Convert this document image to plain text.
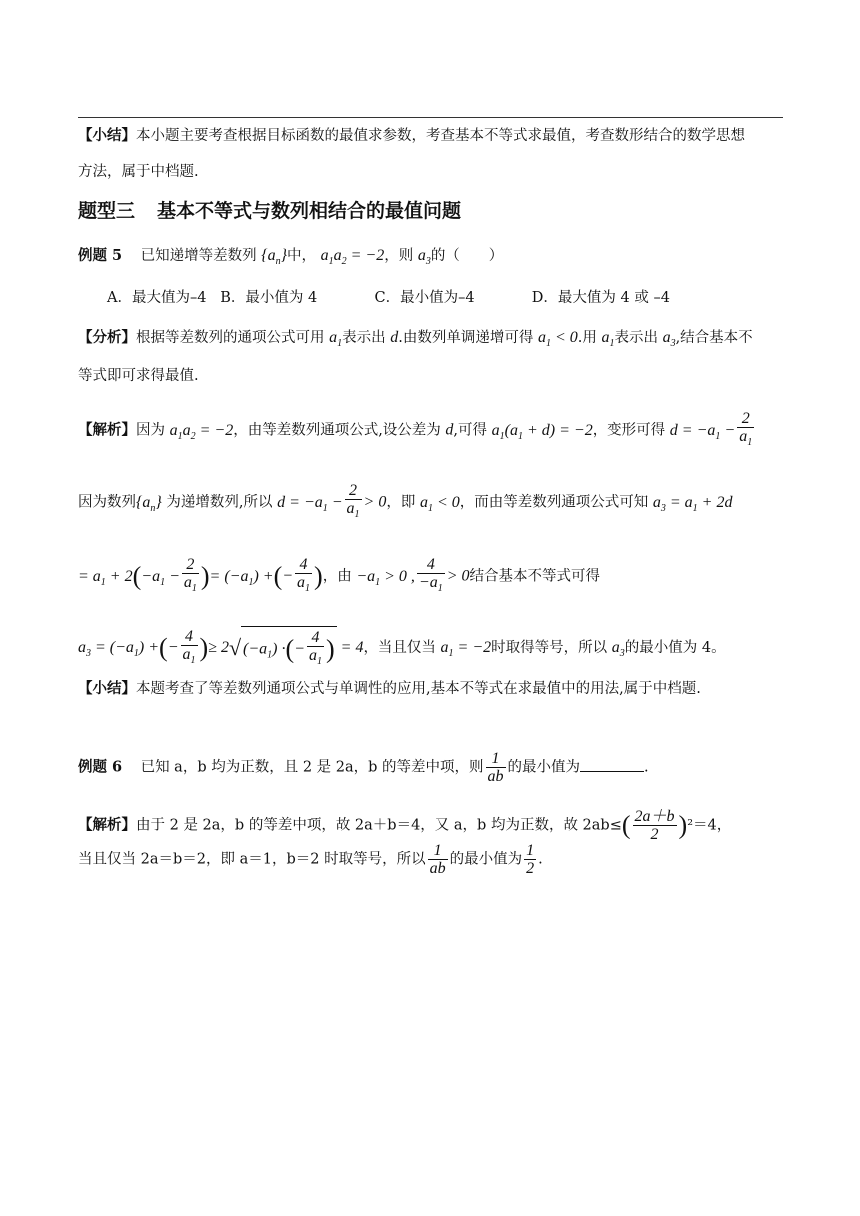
【小结】本小题主要考查根据目标函数的最值求参数，考查基本不等式求最值，考查数形结合的数学思想
方法，属于中档题.
题型三 基本不等式与数列相结合的最值问题
例题 5 已知递增等差数列 $\{a_n\}$中， $a_1a_2 = -2$，则 $a_3$的（　　）
A．最大值为–4 B．最小值为 4	C．最小值为–4	D．最大值为 4 或 –4
【分析】根据等差数列的通项公式可用 $a_1$表示出 d.由数列单调递增可得 $a_1 < 0$.用 $a_1$表示出 $a_3$,结合基本不
等式即可求得最值.
【解析】因为 $a_1a_2 = -2$，由等差数列通项公式,设公差为 d,可得 $a_1(a_1 + d) = -2$，变形可得 $d = -a_1 - \frac{2}{a_1}$
因为数列$\{a_n\}$ 为递增数列,所以 $d = -a_1 - \frac{2}{a_1} > 0$，即 $a_1 < 0$，而由等差数列通项公式可知 $a_3 = a_1 + 2d$
= $a_1 + 2(-a_1 - \frac{2}{a_1}$ )= $(-a_1)$ +(− $\frac{4}{a_1}$ )，由 $-a_1 > 0$ , $\frac{4}{-a_1} > 0$结合基本不等式可得
$a_3 = (-a_1)$ +(− $\frac{4}{a_1}$ )≥ 2√ $(-a_1)$ ·(− $\frac{4}{a_1}$ ) = 4，当且仅当 $a_1 = -2$时取得等号，所以 $a_3$的最小值为 4。
【小结】本题考查了等差数列通项公式与单调性的应用,基本不等式在求最值中的用法,属于中档题.
例题 6 已知 a，b 均为正数，且 2 是 2a，b 的等差中项，则 $\frac{1}{ab}$ 的最小值为	.
【解析】由于 2 是 2a，b 的等差中项，故 2a＋b＝4，又 a，b 均为正数，故 $2ab\le( \frac{2a+b}{2} )^2=4$，
当且仅当 2a＝b＝2，即 a＝1，b＝2 时取等号，所以 $\frac{1}{ab}$ 的最小值为 $\frac{1}{2}$ .
